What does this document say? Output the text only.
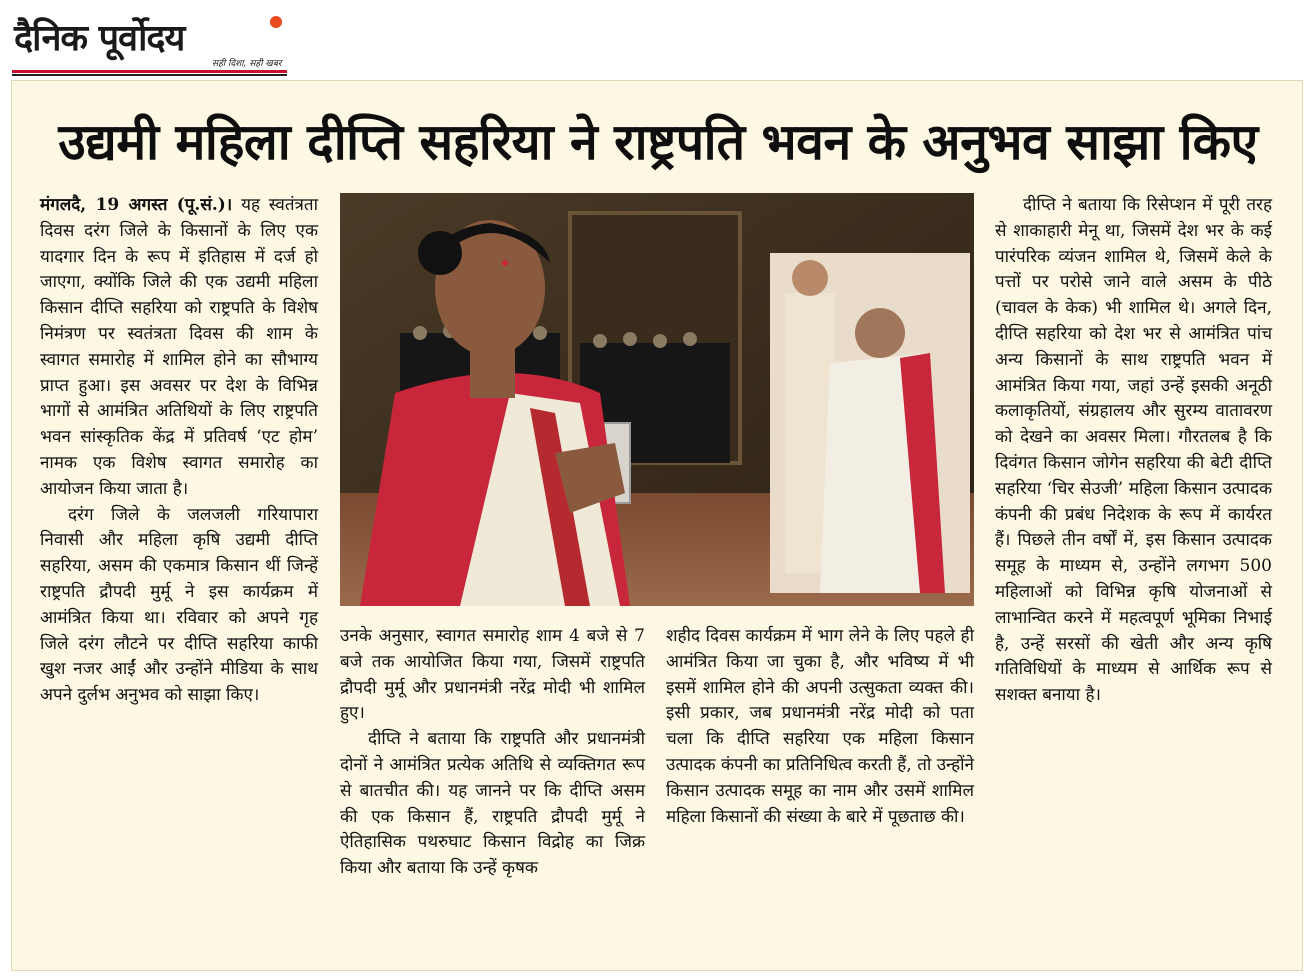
दैनिक पूर्वोदय
सही दिशा, सही खबर
उद्यमी महिला दीप्ति सहरिया ने राष्ट्रपति भवन के अनुभव साझा किए

मंगलदै, 19 अगस्त (पू.सं.)। यह स्वतंत्रता दिवस दरंग जिले के किसानों के लिए एक यादगार दिन के रूप में इतिहास में दर्ज हो जाएगा, क्योंकि जिले की एक उद्यमी महिला किसान दीप्ति सहरिया को राष्ट्रपति के विशेष निमंत्रण पर स्वतंत्रता दिवस की शाम के स्वागत समारोह में शामिल होने का सौभाग्य प्राप्त हुआ। इस अवसर पर देश के विभिन्न भागों से आमंत्रित अतिथियों के लिए राष्ट्रपति भवन सांस्कृतिक केंद्र में प्रतिवर्ष ‘एट होम’ नामक एक विशेष स्वागत समारोह का आयोजन किया जाता है।

दरंग जिले के जलजली गरियापारा निवासी और महिला कृषि उद्यमी दीप्ति सहरिया, असम की एकमात्र किसान थीं जिन्हें राष्ट्रपति द्रौपदी मुर्मू ने इस कार्यक्रम में आमंत्रित किया था। रविवार को अपने गृह जिले दरंग लौटने पर दीप्ति सहरिया काफी खुश नजर आईं और उन्होंने मीडिया के साथ अपने दुर्लभ अनुभव को साझा किए।

उनके अनुसार, स्वागत समारोह शाम 4 बजे से 7 बजे तक आयोजित किया गया, जिसमें राष्ट्रपति द्रौपदी मुर्मू और प्रधानमंत्री नरेंद्र मोदी भी शामिल हुए।

दीप्ति ने बताया कि राष्ट्रपति और प्रधानमंत्री दोनों ने आमंत्रित प्रत्येक अतिथि से व्यक्तिगत रूप से बातचीत की। यह जानने पर कि दीप्ति असम की एक किसान हैं, राष्ट्रपति द्रौपदी मुर्मू ने ऐतिहासिक पथरुघाट किसान विद्रोह का जिक्र किया और बताया कि उन्हें कृषक

शहीद दिवस कार्यक्रम में भाग लेने के लिए पहले ही आमंत्रित किया जा चुका है, और भविष्य में भी इसमें शामिल होने की अपनी उत्सुकता व्यक्त की। इसी प्रकार, जब प्रधानमंत्री नरेंद्र मोदी को पता चला कि दीप्ति सहरिया एक महिला किसान उत्पादक कंपनी का प्रतिनिधित्व करती हैं, तो उन्होंने किसान उत्पादक समूह का नाम और उसमें शामिल महिला किसानों की संख्या के बारे में पूछताछ की।

दीप्ति ने बताया कि रिसेप्शन में पूरी तरह से शाकाहारी मेनू था, जिसमें देश भर के कई पारंपरिक व्यंजन शामिल थे, जिसमें केले के पत्तों पर परोसे जाने वाले असम के पीठे (चावल के केक) भी शामिल थे। अगले दिन, दीप्ति सहरिया को देश भर से आमंत्रित पांच अन्य किसानों के साथ राष्ट्रपति भवन में आमंत्रित किया गया, जहां उन्हें इसकी अनूठी कलाकृतियों, संग्रहालय और सुरम्य वातावरण को देखने का अवसर मिला। गौरतलब है कि दिवंगत किसान जोगेन सहरिया की बेटी दीप्ति सहरिया ‘चिर सेउजी’ महिला किसान उत्पादक कंपनी की प्रबंध निदेशक के रूप में कार्यरत हैं। पिछले तीन वर्षों में, इस किसान उत्पादक समूह के माध्यम से, उन्होंने लगभग 500 महिलाओं को विभिन्न कृषि योजनाओं से लाभान्वित करने में महत्वपूर्ण भूमिका निभाई है, उन्हें सरसों की खेती और अन्य कृषि गतिविधियों के माध्यम से आर्थिक रूप से सशक्त बनाया है।
